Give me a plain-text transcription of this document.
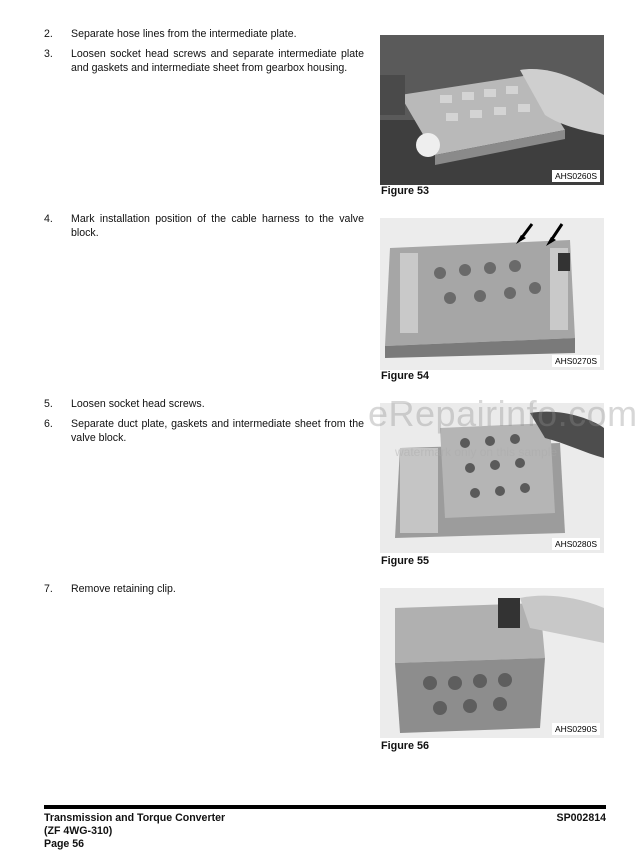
2.	Separate hose lines from the intermediate plate.
3.	Loosen socket head screws and separate intermediate plate and gaskets and intermediate sheet from gearbox housing.
4.	Mark installation position of the cable harness to the valve block.
5.	Loosen socket head screws.
6.	Separate duct plate, gaskets and intermediate sheet from the valve block.
7.	Remove retaining clip.
AHS0260S
Figure 53
AHS0270S
Figure 54
AHS0280S
Figure 55
AHS0290S
Figure 56
eRepairinfo.com
watermark only on this sample
Transmission and Torque Converter
(ZF 4WG-310)
Page 56
SP002814
